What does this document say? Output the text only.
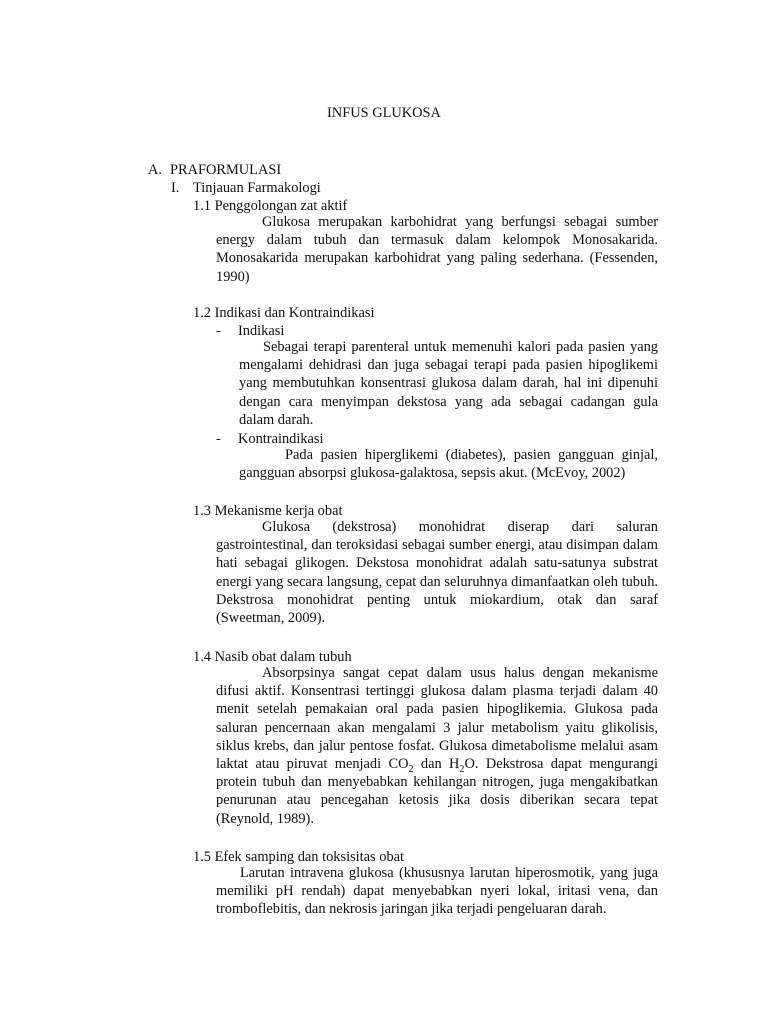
INFUS GLUKOSA
A. PRAFORMULASI
I. Tinjauan Farmakologi
1.1 Penggolongan zat aktif

Glukosa merupakan karbohidrat yang berfungsi sebagai sumber energy dalam tubuh dan termasuk dalam kelompok Monosakarida. Monosakarida merupakan karbohidrat yang paling sederhana. (Fessenden, 1990)

1.2 Indikasi dan Kontraindikasi
- Indikasi

Sebagai terapi parenteral untuk memenuhi kalori pada pasien yang mengalami dehidrasi dan juga sebagai terapi pada pasien hipoglikemi yang membutuhkan konsentrasi glukosa dalam darah, hal ini dipenuhi dengan cara menyimpan dekstosa yang ada sebagai cadangan gula dalam darah.

- Kontraindikasi

Pada pasien hiperglikemi (diabetes), pasien gangguan ginjal, gangguan absorpsi glukosa-galaktosa, sepsis akut. (McEvoy, 2002)

1.3 Mekanisme kerja obat

Glukosa (dekstrosa) monohidrat diserap dari saluran gastrointestinal, dan teroksidasi sebagai sumber energi, atau disimpan dalam hati sebagai glikogen. Dekstosa monohidrat adalah satu-satunya substrat energi yang secara langsung, cepat dan seluruhnya dimanfaatkan oleh tubuh. Dekstrosa monohidrat penting untuk miokardium, otak dan saraf (Sweetman, 2009).

1.4 Nasib obat dalam tubuh

Absorpsinya sangat cepat dalam usus halus dengan mekanisme difusi aktif. Konsentrasi tertinggi glukosa dalam plasma terjadi dalam 40 menit setelah pemakaian oral pada pasien hipoglikemia. Glukosa pada saluran pencernaan akan mengalami 3 jalur metabolism yaitu glikolisis, siklus krebs, dan jalur pentose fosfat. Glukosa dimetabolisme melalui asam laktat atau piruvat menjadi $CO_2$ dan $H_2O$. Dekstrosa dapat mengurangi protein tubuh dan menyebabkan kehilangan nitrogen, juga mengakibatkan penurunan atau pencegahan ketosis jika dosis diberikan secara tepat (Reynold, 1989).

1.5 Efek samping dan toksisitas obat

Larutan intravena glukosa (khususnya larutan hiperosmotik, yang juga memiliki pH rendah) dapat menyebabkan nyeri lokal, iritasi vena, dan tromboflebitis, dan nekrosis jaringan jika terjadi pengeluaran darah.
